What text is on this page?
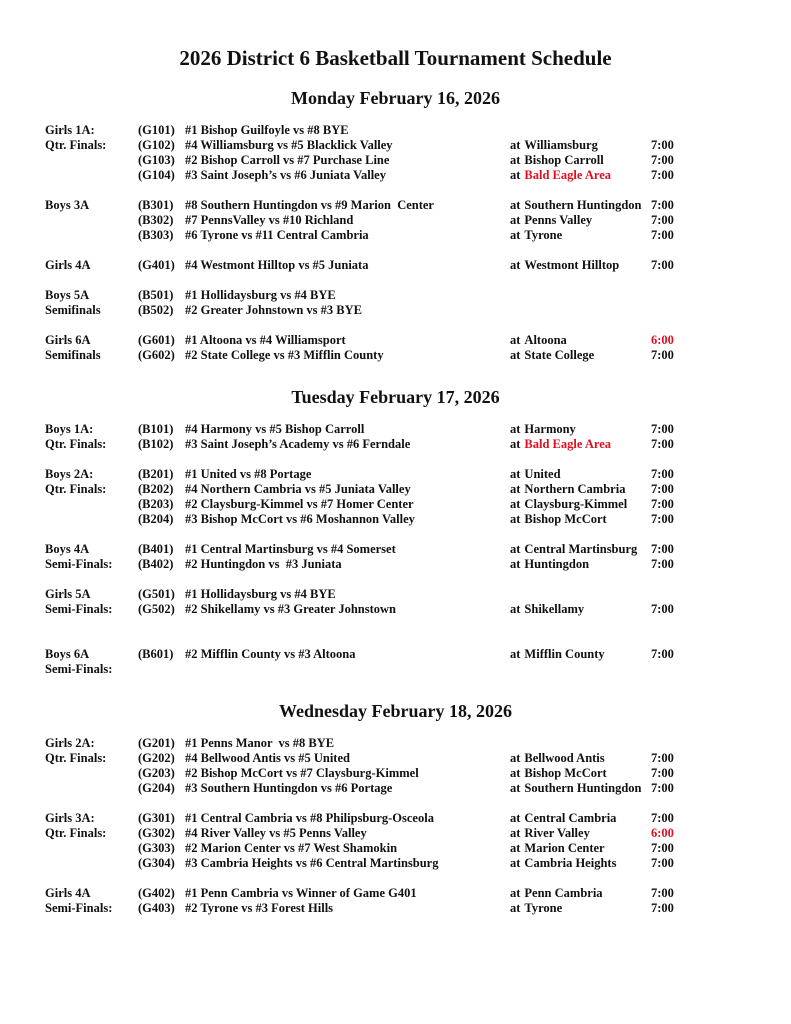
2026 District 6 Basketball Tournament Schedule
Monday February 16, 2026
Girls 1A:	(G101) #1 Bishop Guilfoyle vs #8 BYE
Qtr. Finals:	(G102) #4 Williamsburg vs #5 Blacklick Valley	at Williamsburg	7:00
(G103) #2 Bishop Carroll vs #7 Purchase Line	at Bishop Carroll	7:00
(G104) #3 Saint Joseph’s vs #6 Juniata Valley	at Bald Eagle Area	7:00
Boys 3A	(B301) #8 Southern Huntingdon vs #9 Marion  Center	at Southern Huntingdon 7:00
(B302) #7 PennsValley vs #10 Richland	at Penns Valley	7:00
(B303) #6 Tyrone vs #11 Central Cambria	at Tyrone	7:00
Girls 4A	(G401) #4 Westmont Hilltop vs #5 Juniata	at Westmont Hilltop	7:00
Boys 5A	(B501) #1 Hollidaysburg vs #4 BYE
Semifinals	(B502) #2 Greater Johnstown vs #3 BYE
Girls 6A	(G601) #1 Altoona vs #4 Williamsport	at Altoona	6:00
Semifinals	(G602) #2 State College vs #3 Mifflin County	at State College	7:00
Tuesday February 17, 2026
Boys 1A:	(B101) #4 Harmony vs #5 Bishop Carroll	at Harmony	7:00
Qtr. Finals:	(B102) #3 Saint Joseph’s Academy vs #6 Ferndale	at Bald Eagle Area	7:00
Boys 2A:	(B201) #1 United vs #8 Portage	at United	7:00
Qtr. Finals:	(B202) #4 Northern Cambria vs #5 Juniata Valley	at Northern Cambria	7:00
(B203) #2 Claysburg-Kimmel vs #7 Homer Center	at Claysburg-Kimmel	7:00
(B204) #3 Bishop McCort vs #6 Moshannon Valley	at Bishop McCort	7:00
Boys 4A	(B401) #1 Central Martinsburg vs #4 Somerset	at Central Martinsburg	7:00
Semi-Finals:	(B402) #2 Huntingdon vs  #3 Juniata	at Huntingdon	7:00
Girls 5A	(G501) #1 Hollidaysburg vs #4 BYE
Semi-Finals:	(G502) #2 Shikellamy vs #3 Greater Johnstown	at Shikellamy	7:00
Boys 6A	(B601) #2 Mifflin County vs #3 Altoona	at Mifflin County	7:00
Semi-Finals:
Wednesday February 18, 2026
Girls 2A:	(G201) #1 Penns Manor  vs #8 BYE
Qtr. Finals:	(G202) #4 Bellwood Antis vs #5 United	at Bellwood Antis	7:00
(G203) #2 Bishop McCort vs #7 Claysburg-Kimmel	at Bishop McCort	7:00
(G204) #3 Southern Huntingdon vs #6 Portage	at Southern Huntingdon 7:00
Girls 3A:	(G301) #1 Central Cambria vs #8 Philipsburg-Osceola	at Central Cambria	7:00
Qtr. Finals:	(G302) #4 River Valley vs #5 Penns Valley	at River Valley	6:00
(G303) #2 Marion Center vs #7 West Shamokin	at Marion Center	7:00
(G304) #3 Cambria Heights vs #6 Central Martinsburg	at Cambria Heights	7:00
Girls 4A	(G402) #1 Penn Cambria vs Winner of Game G401	at Penn Cambria	7:00
Semi-Finals:	(G403) #2 Tyrone vs #3 Forest Hills	at Tyrone	7:00
